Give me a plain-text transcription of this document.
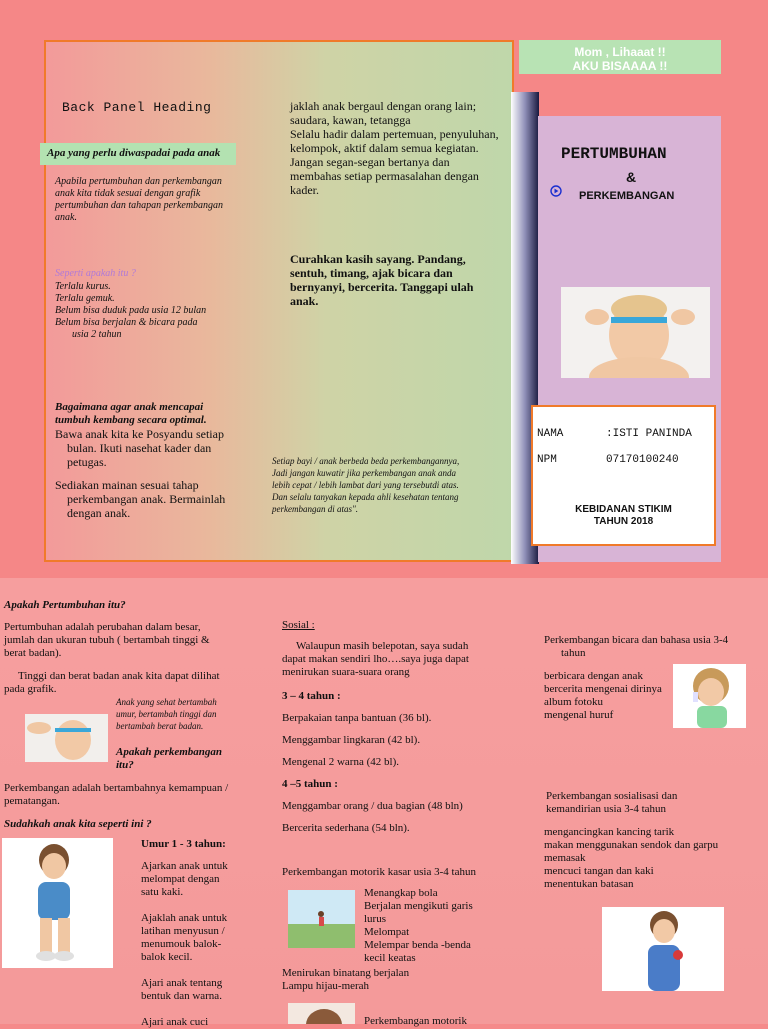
Back Panel Heading
Apa yang perlu diwaspadai pada anak
Apabila pertumbuhan dan perkembangan anak kita tidak sesuai dengan grafik pertumbuhan dan tahapan perkembangan anak.
Seperti apakah itu ?
Terlalu kurus.
Terlalu gemuk.
Belum bisa duduk pada usia 12 bulan
Belum bisa berjalan & bicara pada
usia 2 tahun
Bagaimana agar anak mencapai
tumbuh kembang secara optimal.
Bawa anak kita ke Posyandu setiap
bulan. Ikuti nasehat kader dan
petugas.
Sediakan mainan sesuai tahap
perkembangan anak. Bermainlah
dengan anak.
jaklah anak bergaul dengan orang lain;
saudara, kawan, tetangga
Selalu hadir dalam pertemuan, penyuluhan,
kelompok, aktif dalam semua kegiatan.
Jangan segan-segan bertanya dan
membahas setiap permasalahan dengan
kader.
Curahkan kasih sayang. Pandang,
sentuh, timang, ajak bicara dan
bernyanyi, bercerita. Tanggapi ulah
anak.
Setiap bayi / anak berbeda beda perkembangannya,
Jadi jangan kuwatir jika perkembangan anak anda
lebih cepat / lebih lambat dari yang tersebutdi atas.
Dan selalu tanyakan kepada ahli kesehatan tentang
perkembangan di atas".
Mom , Lihaaat !!
AKU BISAAAA !!
PERTUMBUHAN
&
PERKEMBANGAN
NAMA	:ISTI PANINDA
NPM	07170100240
KEBIDANAN STIKIM
TAHUN 2018
Apakah Pertumbuhan itu?
Pertumbuhan adalah perubahan dalam besar,
jumlah dan ukuran tubuh ( bertambah tinggi &
berat badan).
Tinggi dan berat badan anak kita dapat dilihat
pada grafik.
Anak yang sehat bertambah
umur, bertambah tinggi dan
bertambah berat badan.
Apakah perkembangan
itu?
Perkembangan adalah bertambahnya kemampuan /
pematangan.
Sudahkah anak kita seperti ini ?
Umur 1 - 3 tahun:
Ajarkan anak untuk
melompat dengan
satu kaki.
Ajaklah anak untuk
latihan menyusun /
menumouk balok-
balok kecil.
Ajari anak tentang
bentuk dan warna.
Ajari anak cuci
Sosial :
Walaupun masih belepotan, saya sudah
dapat makan sendiri lho….saya juga dapat
menirukan suara-suara orang
3 – 4 tahun :
Berpakaian tanpa bantuan (36 bl).
Menggambar lingkaran (42 bl).
Mengenal 2 warna (42 bl).
4 –5 tahun :
Menggambar orang / dua bagian (48 bln)
Bercerita sederhana (54 bln).
Perkembangan motorik kasar usia 3-4 tahun
Menangkap bola
Berjalan mengikuti garis
lurus
Melompat
Melempar benda -benda
kecil keatas
Menirukan binatang berjalan
Lampu hijau-merah
Perkembangan motorik
Perkembangan bicara dan bahasa usia 3-4
tahun
berbicara dengan anak
bercerita mengenai dirinya
album fotoku
mengenal huruf
Perkembangan sosialisasi dan
kemandirian usia 3-4 tahun
mengancingkan kancing tarik
makan menggunakan sendok dan garpu
memasak
mencuci tangan dan kaki
menentukan batasan
